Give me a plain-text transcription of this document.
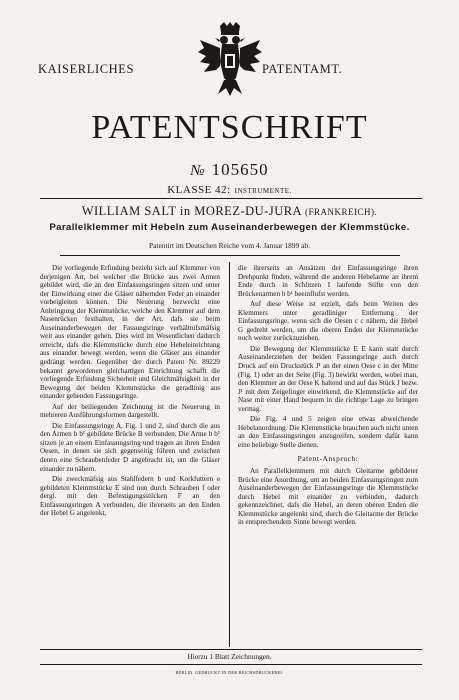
KAISERLICHES	PATENTAMT.
PATENTSCHRIFT
№ 105650
KLASSE 42: INSTRUMENTE.
WILLIAM SALT in MOREZ-DU-JURA (FRANKREICH).
Parallelklemmer mit Hebeln zum Auseinanderbewegen der Klemmstücke.
Patentirt im Deutschen Reiche vom 4. Januar 1899 ab.

Die vorliegende Erfindung bezieht sich auf Klemmer von derjenigen Art, bei welcher die Brücke aus zwei Armen gebildet wird, die an den Einfassungsringen sitzen und unter der Einwirkung einer die Gläser nähernden Feder an einander vorbeigleiten können. Die Neuerung bezweckt eine Anbringung der Klemmstücke, welche den Klemmer auf dem Nasenrücken festhalten, in der Art, dafs sie beim Auseinanderbewegen der Fassungsringe verhältnifsmäfsig weit aus einander gehen. Dies wird im Wesentlichen dadurch erreicht, dafs die Klemmstücke durch eine Hebeleinrichtung aus einander bewegt werden, wenn die Gläser aus einander gedrängt werden. Gegenüber der durch Patent Nr. 89229 bekannt gewordenen gleichartigen Einrichtung schafft die vorliegende Erfindung Sicherheit und Gleichmäfsigkeit in der Bewegung der beiden Klemmstücke die geradlinig aus einander gehenden Fassungsringe.

Auf der beiliegenden Zeichnung ist die Neuerung in mehreren Ausführungsformen dargestellt.

Die Einfassungsringe A, Fig. 1 und 2, sind durch die aus den Armen b b¹ gebildete Brücke B verbunden. Die Arme b b¹ sitzen je an einem Einfassungsring und tragen an ihren Enden Oesen, in denen sie sich gegenseitig führen und zwischen denen eine Schraubenfeder D angebracht ist, um die Gläser einander zu nähern.

Die zweckmäfsig aus Stahlfedern b und Korkfuttern e gebildeten Klemmstücke E sind nun durch Schrauben f oder dergl. mit den Befestigungsstücken F an den Einfassungsringen A verbunden, die ihrerseits an den Enden der Hebel G angelenkt,

die ihrerseits an Ansätzen der Einfassungsringe ihren Drehpunkt finden, während die anderen Hebelarme an ihrem Ende durch in Schlitzen I laufende Stifte von den Brückenarmen b b¹ beeinflufst werden.

Auf diese Weise ist erzielt, dafs beim Weiten des Klemmers unter geradliniger Entfernung der Einfassungsringe, wenn sich die Oesen c c nähern, die Hebel G gedreht werden, um die oberen Enden der Klemmstücke noch weiter zurückzuziehen.

Die Bewegung der Klemmstücke E E kann statt durch Auseinanderziehen der beiden Fassungsringe auch durch Druck auf ein Druckstück J¹ an der einen Oese c in der Mitte (Fig. 1) oder an der Seite (Fig. 3) bewirkt werden, wobei man, den Klemmer an der Oese K haltend und auf das Stück J bezw. J¹ mit dem Zeigefinger einwirkend, die Klemmstücke auf der Nase mit einer Hand bequem in die richtige Lage zu bringen vermag.

Die Fig. 4 und 5 zeigen eine etwas abweichende Hebelanordnung. Die Klemmstücke brauchen auch nicht unten an den Einfassungsringen anzugreifen, sondern dafür kann eine beliebige Stelle dienen.

Patent-Anspruch:

An Parallelklemmern mit durch Gleitarme gebildeter Brücke eine Anordnung, um an beiden Einfassungsringen zum Auseinanderbewegen der Einfassungsringe die Klemmstücke durch Hebel mit einander zu verbinden, dadurch gekennzeichnet, dafs die Hebel, an deren oberen Enden die Klemmstücke angelenkt sind, durch die Gleitarme der Brücke in entsprechendem Sinne bewegt werden.

Hierzu 1 Blatt Zeichnungen.
BERLIN. GEDRUCKT IN DER REICHSDRUCKEREI.
